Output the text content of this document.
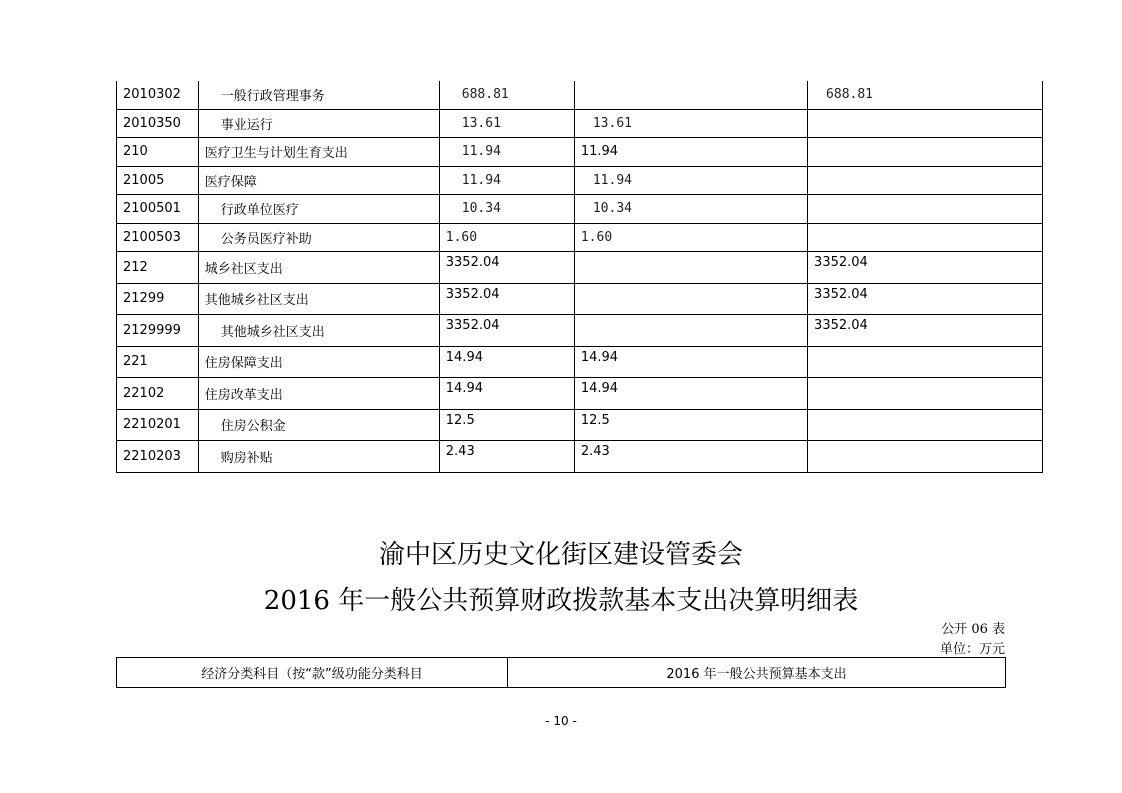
2010302	一般行政管理事务	688.81		688.81
2010350	事业运行	13.61	13.61	
210	医疗卫生与计划生育支出	11.94	11.94	
21005	医疗保障	11.94	11.94	
2100501	行政单位医疗	10.34	10.34	
2100503	公务员医疗补助	1.60	1.60	
212	城乡社区支出	3352.04		3352.04
21299	其他城乡社区支出	3352.04		3352.04
2129999	其他城乡社区支出	3352.04		3352.04
221	住房保障支出	14.94	14.94	
22102	住房改革支出	14.94	14.94	
2210201	住房公积金	12.5	12.5	
2210203	购房补贴	2.43	2.43	
渝中区历史文化街区建设管委会
2016 年一般公共预算财政拨款基本支出决算明细表
公开 06 表
单位：万元
经济分类科目（按“款”级功能分类科目	2016 年一般公共预算基本支出
- 10 -
